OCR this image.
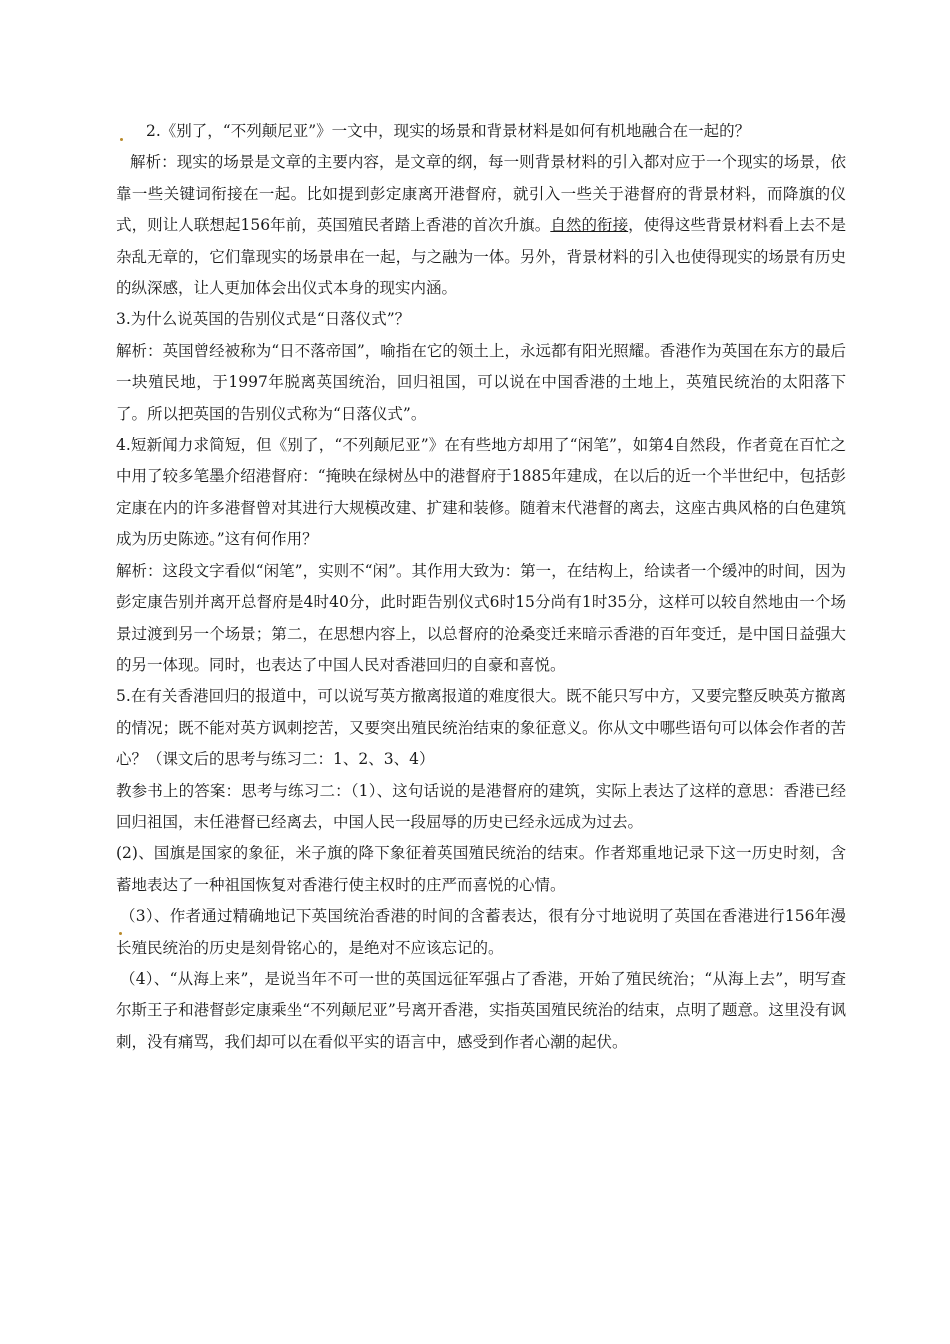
2.《别了，“不列颠尼亚”》一文中，现实的场景和背景材料是如何有机地融合在一起的？

解析：现实的场景是文章的主要内容，是文章的纲，每一则背景材料的引入都对应于一个现实的场景，依靠一些关键词衔接在一起。比如提到彭定康离开港督府，就引入一些关于港督府的背景材料，而降旗的仪式，则让人联想起156年前，英国殖民者踏上香港的首次升旗。自然的衔接，使得这些背景材料看上去不是杂乱无章的，它们靠现实的场景串在一起，与之融为一体。另外，背景材料的引入也使得现实的场景有历史的纵深感，让人更加体会出仪式本身的现实内涵。

3.为什么说英国的告别仪式是“日落仪式”？

解析：英国曾经被称为“日不落帝国”，喻指在它的领土上，永远都有阳光照耀。香港作为英国在东方的最后一块殖民地，于1997年脱离英国统治，回归祖国，可以说在中国香港的土地上，英殖民统治的太阳落下了。所以把英国的告别仪式称为“日落仪式”。

4.短新闻力求简短，但《别了，“不列颠尼亚”》在有些地方却用了“闲笔”，如第4自然段，作者竟在百忙之中用了较多笔墨介绍港督府：“掩映在绿树丛中的港督府于1885年建成，在以后的近一个半世纪中，包括彭定康在内的许多港督曾对其进行大规模改建、扩建和装修。随着末代港督的离去，这座古典风格的白色建筑成为历史陈迹。”这有何作用？

解析：这段文字看似“闲笔”，实则不“闲”。其作用大致为：第一，在结构上，给读者一个缓冲的时间，因为彭定康告别并离开总督府是4时40分，此时距告别仪式6时15分尚有1时35分，这样可以较自然地由一个场景过渡到另一个场景；第二，在思想内容上，以总督府的沧桑变迁来暗示香港的百年变迁，是中国日益强大的另一体现。同时，也表达了中国人民对香港回归的自豪和喜悦。

5.在有关香港回归的报道中，可以说写英方撤离报道的难度很大。既不能只写中方，又要完整反映英方撤离的情况；既不能对英方讽刺挖苦，又要突出殖民统治结束的象征意义。你从文中哪些语句可以体会作者的苦心？（课文后的思考与练习二：1、2、3、4）

教参书上的答案：思考与练习二：（1）、这句话说的是港督府的建筑，实际上表达了这样的意思：香港已经回归祖国，末任港督已经离去，中国人民一段屈辱的历史已经永远成为过去。

(2)、国旗是国家的象征，米子旗的降下象征着英国殖民统治的结束。作者郑重地记录下这一历史时刻，含蓄地表达了一种祖国恢复对香港行使主权时的庄严而喜悦的心情。

（3）、作者通过精确地记下英国统治香港的时间的含蓄表达，很有分寸地说明了英国在香港进行156年漫长殖民统治的历史是刻骨铭心的，是绝对不应该忘记的。

（4）、“从海上来”，是说当年不可一世的英国远征军强占了香港，开始了殖民统治；“从海上去”，明写查尔斯王子和港督彭定康乘坐“不列颠尼亚”号离开香港，实指英国殖民统治的结束，点明了题意。这里没有讽刺，没有痛骂，我们却可以在看似平实的语言中，感受到作者心潮的起伏。
